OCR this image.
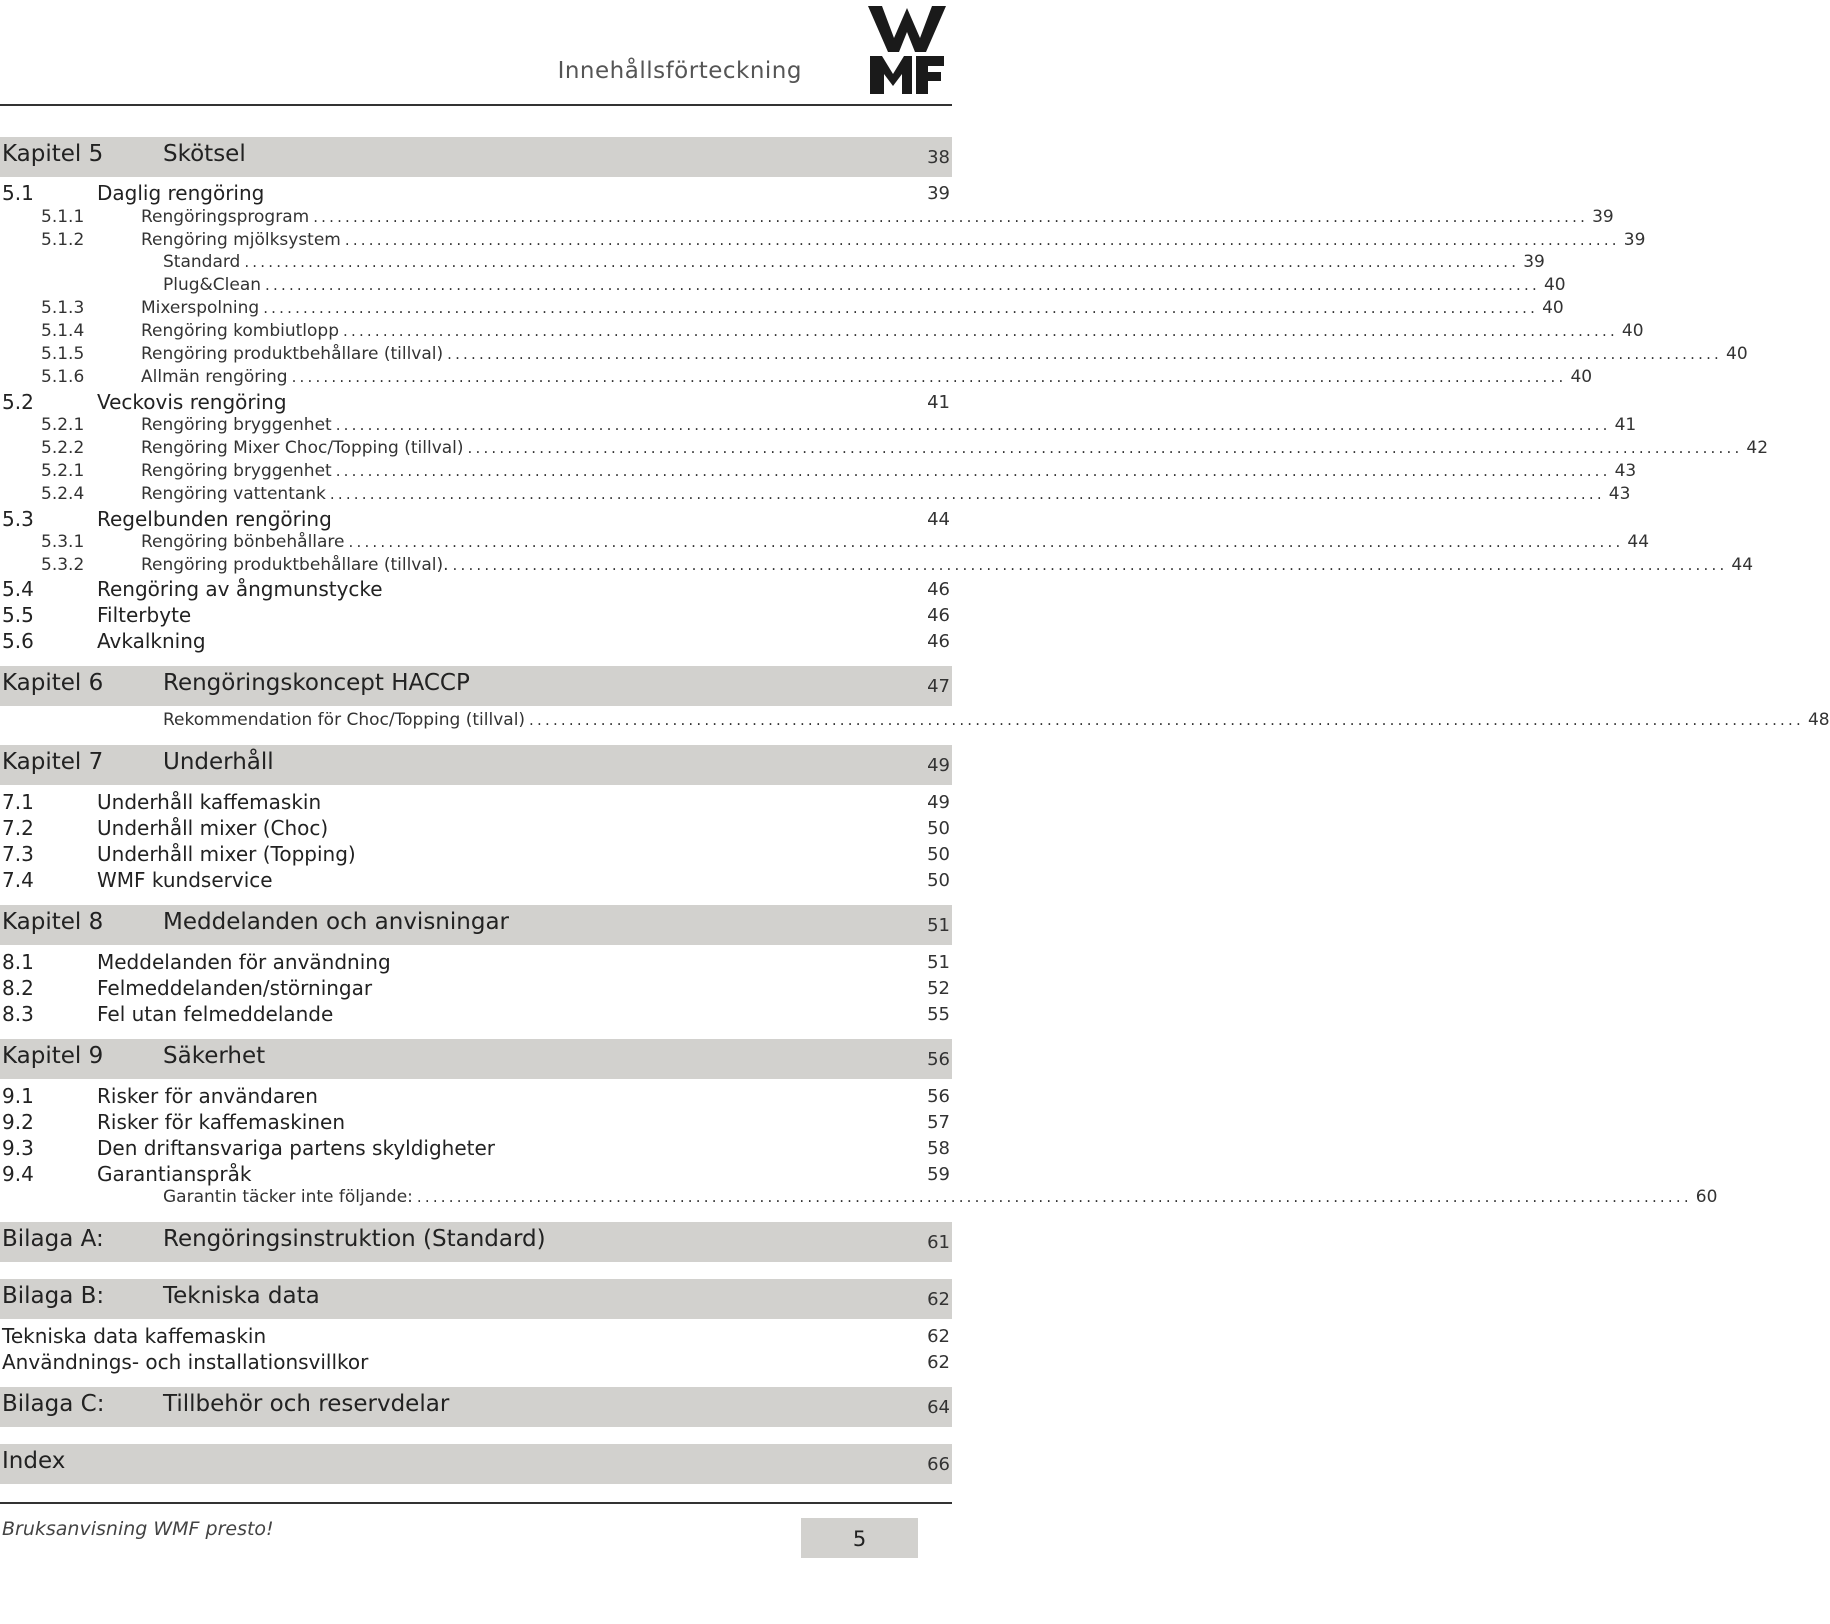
Innehållsförteckning
Kapitel 5	Skötsel	38
5.1	Daglig rengöring	39
5.1.1	Rengöringsprogram ................................................................................................................................................................ 39
5.1.2	Rengöring mjölksystem ................................................................................................................................................................ 39
Standard ................................................................................................................................................................ 39
Plug&Clean ................................................................................................................................................................ 40
5.1.3	Mixerspolning ................................................................................................................................................................ 40
5.1.4	Rengöring kombiutlopp ................................................................................................................................................................ 40
5.1.5	Rengöring produktbehållare (tillval) ................................................................................................................................................................ 40
5.1.6	Allmän rengöring ................................................................................................................................................................ 40
5.2	Veckovis rengöring	41
5.2.1	Rengöring bryggenhet ................................................................................................................................................................ 41
5.2.2	Rengöring Mixer Choc/Topping (tillval) ................................................................................................................................................................ 42
5.2.1	Rengöring bryggenhet ................................................................................................................................................................ 43
5.2.4	Rengöring vattentank ................................................................................................................................................................ 43
5.3	Regelbunden rengöring	44
5.3.1	Rengöring bönbehållare ................................................................................................................................................................ 44
5.3.2	Rengöring produktbehållare (tillval). ................................................................................................................................................................ 44
5.4	Rengöring av ångmunstycke	46
5.5	Filterbyte	46
5.6	Avkalkning	46
Kapitel 6	Rengöringskoncept HACCP	47
Rekommendation för Choc/Topping (tillval) ................................................................................................................................................................ 48
Kapitel 7	Underhåll	49
7.1	Underhåll kaffemaskin	49
7.2	Underhåll mixer (Choc)	50
7.3	Underhåll mixer (Topping)	50
7.4	WMF kundservice	50
Kapitel 8	Meddelanden och anvisningar	51
8.1	Meddelanden för användning	51
8.2	Felmeddelanden/störningar	52
8.3	Fel utan felmeddelande	55
Kapitel 9	Säkerhet	56
9.1	Risker för användaren	56
9.2	Risker för kaffemaskinen	57
9.3	Den driftansvariga partens skyldigheter	58
9.4	Garantianspråk	59
Garantin täcker inte följande: ................................................................................................................................................................ 60
Bilaga A:	Rengöringsinstruktion (Standard)	61
Bilaga B:	Tekniska data	62
Tekniska data kaffemaskin	62
Användnings- och installationsvillkor	62
Bilaga C:	Tillbehör och reservdelar	64
Index	66
Bruksanvisning WMF presto!	5
